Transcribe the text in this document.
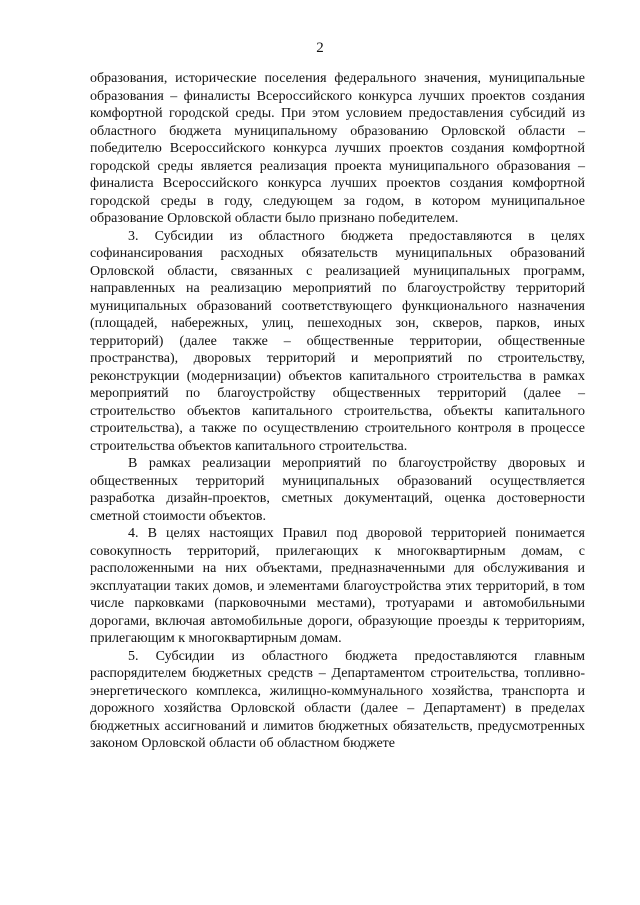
2

образования, исторические поселения федерального значения, муниципальные образования – финалисты Всероссийского конкурса лучших проектов создания комфортной городской среды. При этом условием предоставления субсидий из областного бюджета муниципальному образованию Орловской области – победителю Всероссийского конкурса лучших проектов создания комфортной городской среды является реализация проекта муниципального образования – финалиста Всероссийского конкурса лучших проектов создания комфортной городской среды в году, следующем за годом, в котором муниципальное образование Орловской области было признано победителем.

3. Субсидии из областного бюджета предоставляются в целях софинансирования расходных обязательств муниципальных образований Орловской области, связанных с реализацией муниципальных программ, направленных на реализацию мероприятий по благоустройству территорий муниципальных образований соответствующего функционального назначения (площадей, набережных, улиц, пешеходных зон, скверов, парков, иных территорий) (далее также – общественные территории, общественные пространства), дворовых территорий и мероприятий по строительству, реконструкции (модернизации) объектов капитального строительства в рамках мероприятий по благоустройству общественных территорий (далее – строительство объектов капитального строительства, объекты капитального строительства), а также по осуществлению строительного контроля в процессе строительства объектов капитального строительства.

В рамках реализации мероприятий по благоустройству дворовых и общественных территорий муниципальных образований осуществляется разработка дизайн-проектов, сметных документаций, оценка достоверности сметной стоимости объектов.

4. В целях настоящих Правил под дворовой территорией понимается совокупность территорий, прилегающих к многоквартирным домам, с расположенными на них объектами, предназначенными для обслуживания и эксплуатации таких домов, и элементами благоустройства этих территорий, в том числе парковками (парковочными местами), тротуарами и автомобильными дорогами, включая автомобильные дороги, образующие проезды к территориям, прилегающим к многоквартирным домам.

5. Субсидии из областного бюджета предоставляются главным распорядителем бюджетных средств – Департаментом строительства, топливно-энергетического комплекса, жилищно-коммунального хозяйства, транспорта и дорожного хозяйства Орловской области (далее – Департамент) в пределах бюджетных ассигнований и лимитов бюджетных обязательств, предусмотренных законом Орловской области об областном бюджете
